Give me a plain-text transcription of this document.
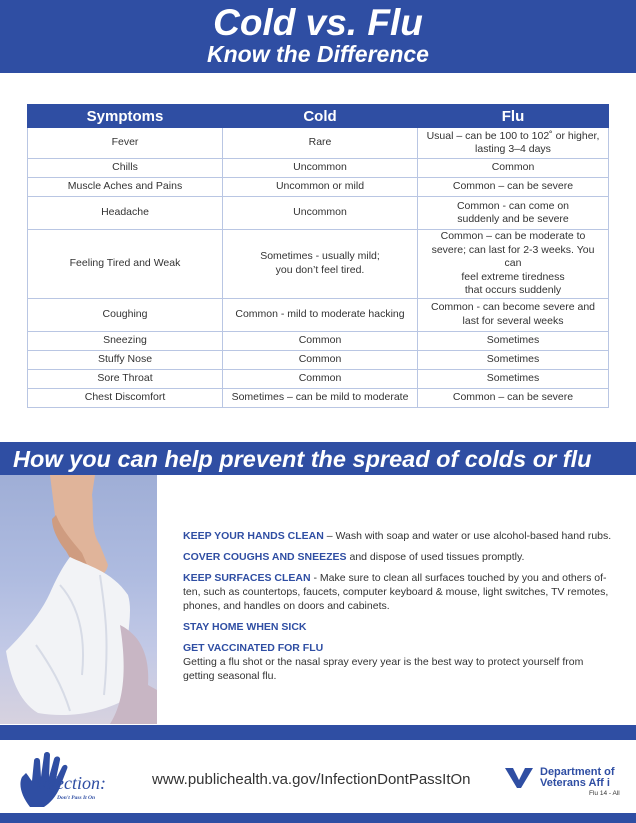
Cold vs. Flu
Know the Difference
Symptoms	Cold	Flu
Fever	Rare	Usual – can be 100 to 102˚ or higher,
lasting 3–4 days
Chills	Uncommon	Common
Muscle Aches and Pains	Uncommon or mild	Common – can be severe
Headache	Uncommon	Common - can come on
suddenly and be severe
Feeling Tired and Weak	Sometimes - usually mild;
you don’t feel tired.	Common – can be moderate to
severe; can last for 2-3 weeks. You can
feel extreme tiredness
that occurs suddenly
Coughing	Common - mild to moderate hacking	Common - can become severe and
last for several weeks
Sneezing	Common	Sometimes
Stuffy Nose	Common	Sometimes
Sore Throat	Common	Sometimes
Chest Discomfort	Sometimes – can be mild to moderate	Common – can be severe
How you can help prevent the spread of colds or flu

KEEP YOUR HANDS CLEAN – Wash with soap and water or use alcohol-based hand rubs.

COVER COUGHS AND SNEEZES and dispose of used tissues promptly.

KEEP SURFACES CLEAN - Make sure to clean all surfaces touched by you and others of-ten, such as countertops, faucets, computer keyboard & mouse, light switches, TV remotes, phones, and handles on doors and cabinets.

STAY HOME WHEN SICK

GET VACCINATED FOR FLU
Getting a flu shot or the nasal spray every year is the best way to protect yourself from getting seasonal flu.

Infection:
Don't Pass It On
www.publichealth.va.gov/InfectionDontPassItOn	Department of
Veterans Aff i
Flu 14 - All
